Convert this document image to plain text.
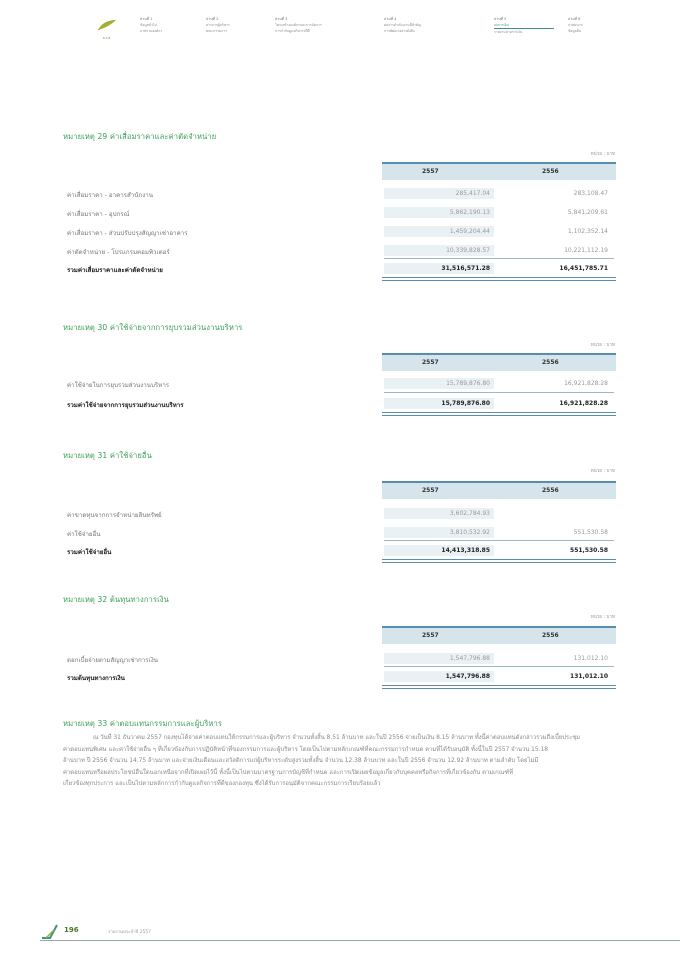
ธ.ก.ส.
ส่วนที่ 1
ข้อมูลทั่วไป
ภาพรวมองค์กร
ส่วนที่ 2
สารจากผู้บริหาร
คณะกรรมการ
ส่วนที่ 3
โครงสร้างองค์กรและการจัดการ
การกำกับดูแลกิจการที่ดี
ส่วนที่ 4
ผลการดำเนินงานที่สำคัญ
การพัฒนาอย่างยั่งยืน
ส่วนที่ 5
งบการเงิน
รายงานทางการเงิน
ส่วนที่ 6
ภาคผนวก
ข้อมูลอื่น
หมายเหตุ 29 ค่าเสื่อมราคาและค่าตัดจำหน่าย
หน่วย : บาท
2557	2556
ค่าเสื่อมราคา - อาคารสำนักงาน	285,417.04	283,108.47
ค่าเสื่อมราคา - อุปกรณ์	5,862,190.13	5,841,209.61
ค่าเสื่อมราคา - ส่วนปรับปรุงสัญญาเช่าอาคาร	1,459,204.44	1,102,352.14
ค่าตัดจำหน่าย - โปรแกรมคอมพิวเตอร์	10,339,828.57	10,221,112.19
รวมค่าเสื่อมราคาและค่าตัดจำหน่าย	31,516,571.28	16,451,785.71
หมายเหตุ 30 ค่าใช้จ่ายจากการยุบรวมส่วนงานบริหาร
หน่วย : บาท
2557	2556
ค่าใช้จ่ายในการยุบรวมส่วนงานบริหาร	15,789,876.80	16,921,828.28
รวมค่าใช้จ่ายจากการยุบรวมส่วนงานบริหาร	15,789,876.80	16,921,828.28
หมายเหตุ 31 ค่าใช้จ่ายอื่น
หน่วย : บาท
2557	2556
ค่าขาดทุนจากการจำหน่ายสินทรัพย์	3,602,784.93
ค่าใช้จ่ายอื่น	3,810,532.92	551,530.58
รวมค่าใช้จ่ายอื่น	14,413,318.85	551,530.58
หมายเหตุ 32 ต้นทุนทางการเงิน
หน่วย : บาท
2557	2556
ดอกเบี้ยจ่ายตามสัญญาเช่าการเงิน	1,547,796.88	131,012.10
รวมต้นทุนทางการเงิน	1,547,796.88	131,012.10
หมายเหตุ 33 ค่าตอบแทนกรรมการและผู้บริหาร
ณ วันที่ 31 ธันวาคม 2557 กองทุนได้จ่ายค่าตอบแทนให้กรรมการและผู้บริหาร จำนวนทั้งสิ้น 8.51 ล้านบาท และในปี 2556 จ่ายเป็นเงิน 8.15 ล้านบาท ทั้งนี้ค่าตอบแทนดังกล่าวรวมถึงเบี้ยประชุม
ค่าตอบแทนพิเศษ และค่าใช้จ่ายอื่น ๆ ที่เกี่ยวข้องกับการปฏิบัติหน้าที่ของกรรมการและผู้บริหาร โดยเป็นไปตามหลักเกณฑ์ที่คณะกรรมการกำหนด ตามที่ได้รับอนุมัติ ทั้งนี้ในปี 2557 จำนวน 15.18
ล้านบาท ปี 2556 จำนวน 14.75 ล้านบาท และจ่ายเงินเดือนและสวัสดิการแก่ผู้บริหารระดับสูงรวมทั้งสิ้น จำนวน 12.38 ล้านบาท และในปี 2556 จำนวน 12.92 ล้านบาท ตามลำดับ โดยไม่มี
ค่าตอบแทนหรือผลประโยชน์อื่นใดนอกเหนือจากที่เปิดเผยไว้นี้ ทั้งนี้เป็นไปตามมาตรฐานการบัญชีที่กำหนด และการเปิดเผยข้อมูลเกี่ยวกับบุคคลหรือกิจการที่เกี่ยวข้องกัน ตามเกณฑ์ที่
เกี่ยวข้องทุกประการ และเป็นไปตามหลักการกำกับดูแลกิจการที่ดีของกองทุน ซึ่งได้รับการอนุมัติจากคณะกรรมการเรียบร้อยแล้ว
196	รายงานประจำปี 2557
